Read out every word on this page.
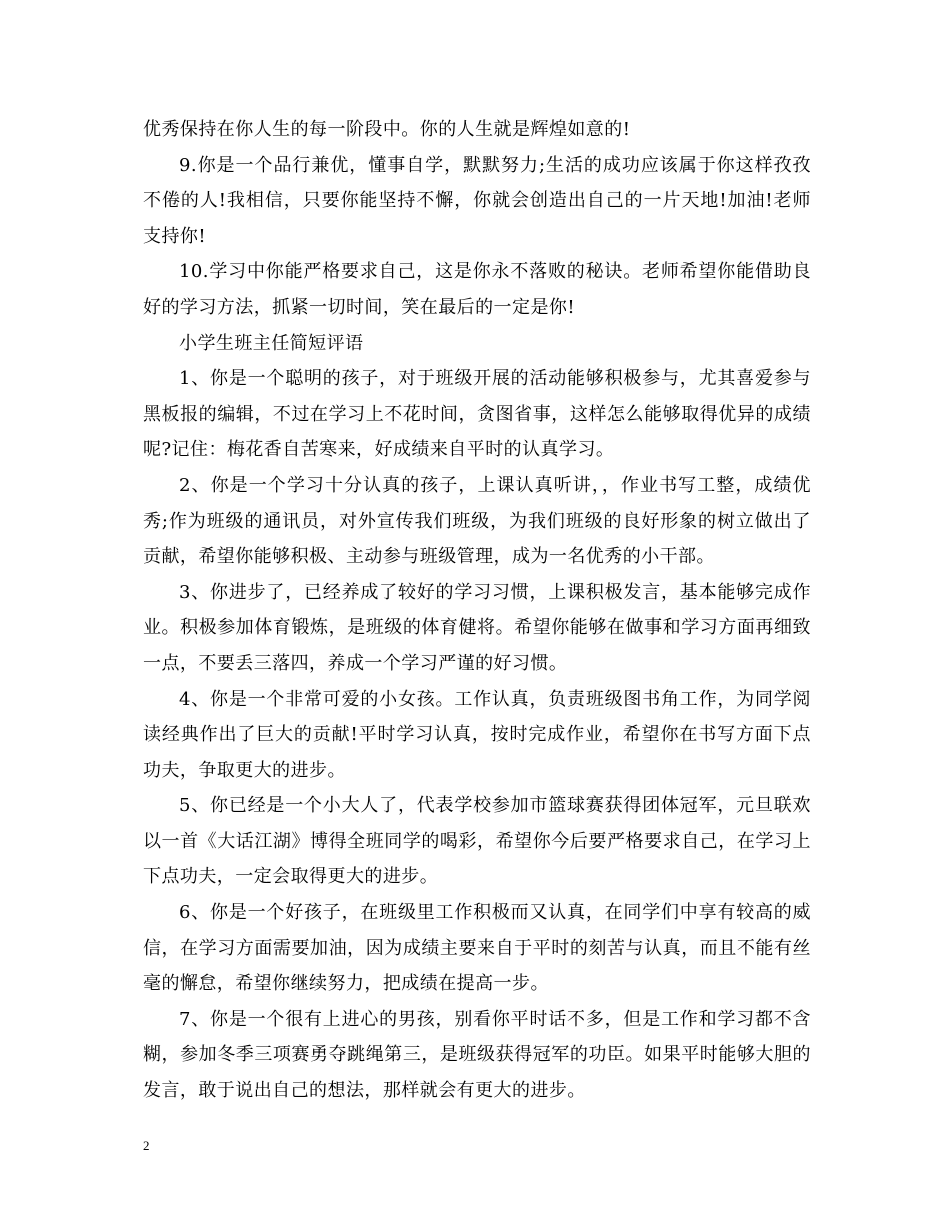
优秀保持在你人生的每一阶段中。你的人生就是辉煌如意的!

9.你是一个品行兼优，懂事自学，默默努力;生活的成功应该属于你这样孜孜不倦的人!我相信，只要你能坚持不懈，你就会创造出自己的一片天地!加油!老师支持你!

10.学习中你能严格要求自己，这是你永不落败的秘诀。老师希望你能借助良好的学习方法，抓紧一切时间，笑在最后的一定是你!

小学生班主任简短评语

1、你是一个聪明的孩子，对于班级开展的活动能够积极参与，尤其喜爱参与黑板报的编辑，不过在学习上不花时间，贪图省事，这样怎么能够取得优异的成绩呢?记住：梅花香自苦寒来，好成绩来自平时的认真学习。

2、你是一个学习十分认真的孩子，上课认真听讲，，作业书写工整，成绩优秀;作为班级的通讯员，对外宣传我们班级，为我们班级的良好形象的树立做出了贡献，希望你能够积极、主动参与班级管理，成为一名优秀的小干部。

3、你进步了，已经养成了较好的学习习惯，上课积极发言，基本能够完成作业。积极参加体育锻炼，是班级的体育健将。希望你能够在做事和学习方面再细致一点，不要丢三落四，养成一个学习严谨的好习惯。

4、你是一个非常可爱的小女孩。工作认真，负责班级图书角工作，为同学阅读经典作出了巨大的贡献!平时学习认真，按时完成作业，希望你在书写方面下点功夫，争取更大的进步。

5、你已经是一个小大人了，代表学校参加市篮球赛获得团体冠军，元旦联欢以一首《大话江湖》博得全班同学的喝彩，希望你今后要严格要求自己，在学习上下点功夫，一定会取得更大的进步。

6、你是一个好孩子，在班级里工作积极而又认真，在同学们中享有较高的威信，在学习方面需要加油，因为成绩主要来自于平时的刻苦与认真，而且不能有丝毫的懈怠，希望你继续努力，把成绩在提高一步。

7、你是一个很有上进心的男孩，别看你平时话不多，但是工作和学习都不含糊，参加冬季三项赛勇夺跳绳第三，是班级获得冠军的功臣。如果平时能够大胆的发言，敢于说出自己的想法，那样就会有更大的进步。

2
